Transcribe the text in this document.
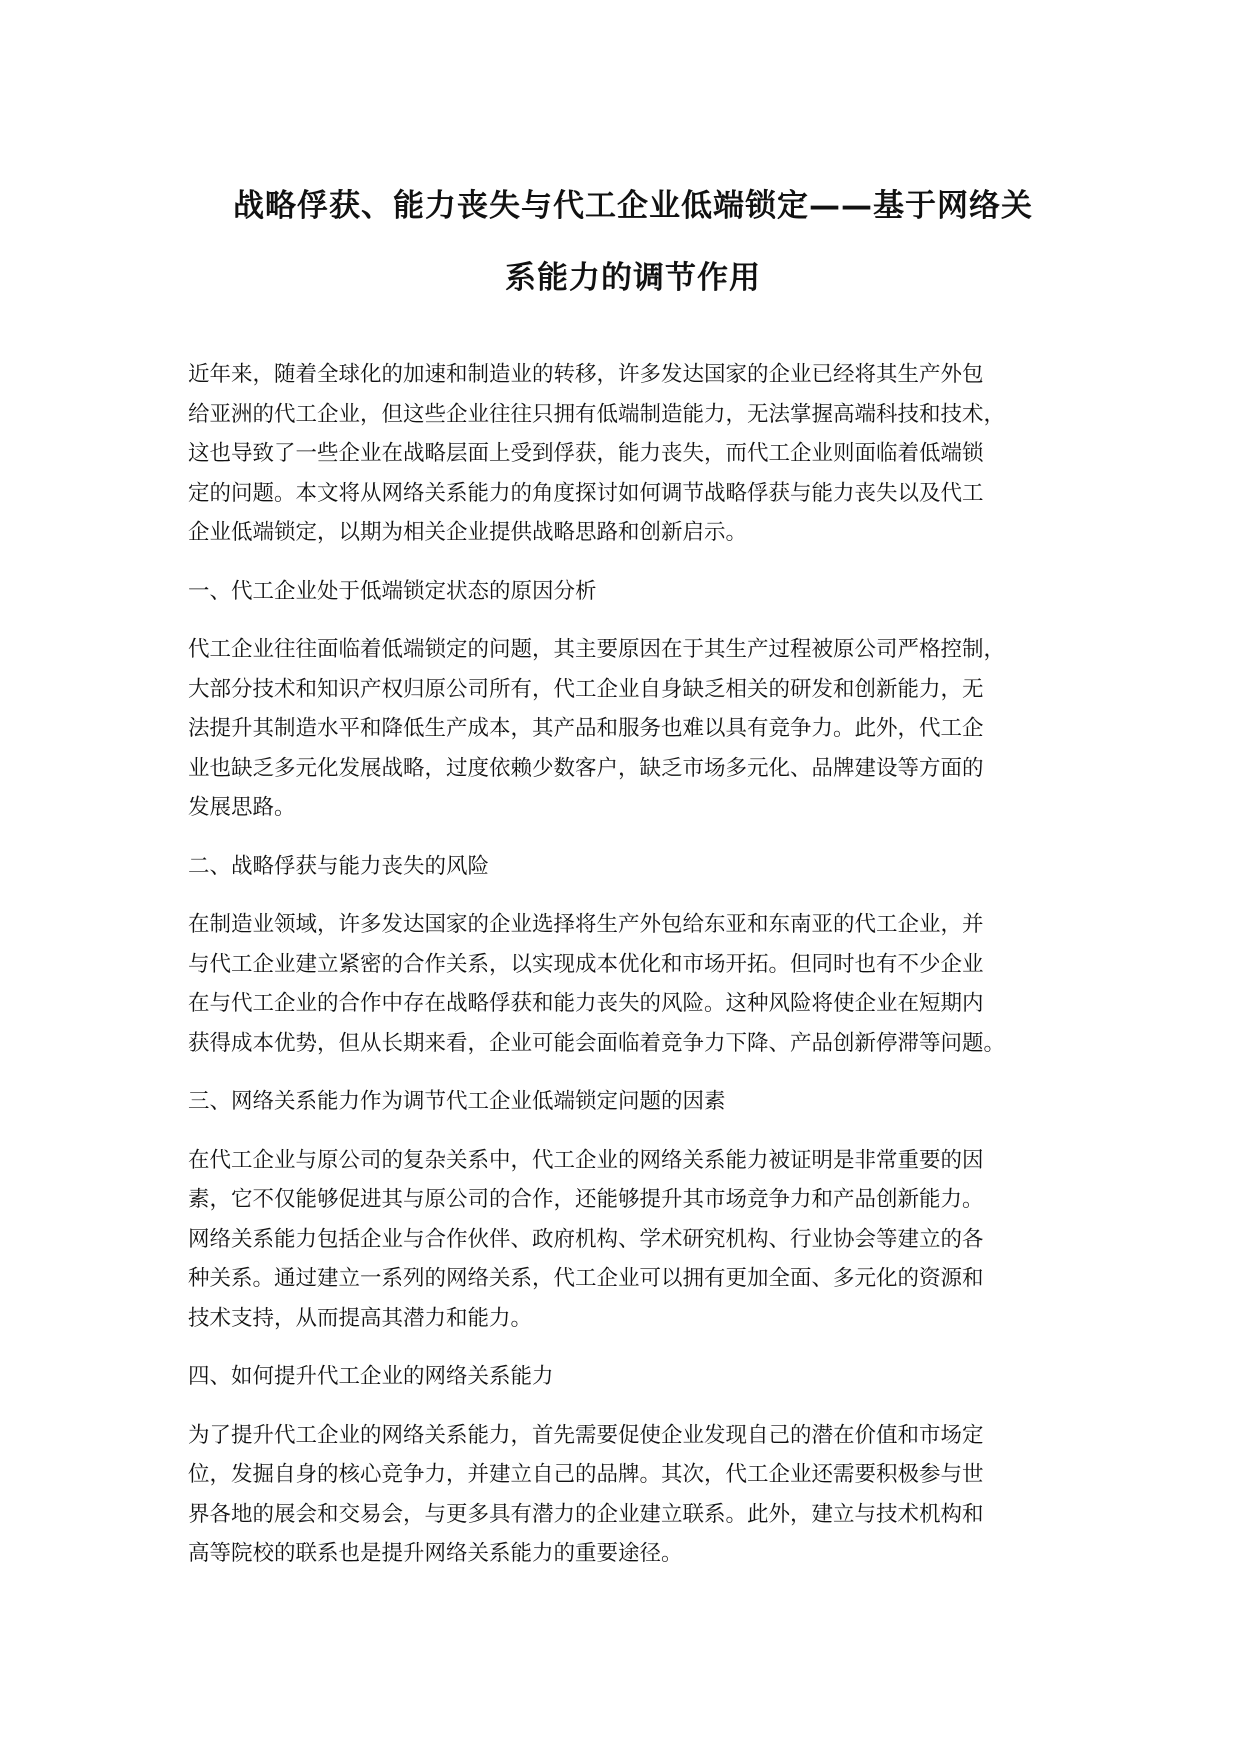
战略俘获、能力丧失与代工企业低端锁定——基于网络关
系能力的调节作用
近年来，随着全球化的加速和制造业的转移，许多发达国家的企业已经将其生产外包
给亚洲的代工企业，但这些企业往往只拥有低端制造能力，无法掌握高端科技和技术，
这也导致了一些企业在战略层面上受到俘获，能力丧失，而代工企业则面临着低端锁
定的问题。本文将从网络关系能力的角度探讨如何调节战略俘获与能力丧失以及代工
企业低端锁定，以期为相关企业提供战略思路和创新启示。
一、代工企业处于低端锁定状态的原因分析
代工企业往往面临着低端锁定的问题，其主要原因在于其生产过程被原公司严格控制，
大部分技术和知识产权归原公司所有，代工企业自身缺乏相关的研发和创新能力，无
法提升其制造水平和降低生产成本，其产品和服务也难以具有竞争力。此外，代工企
业也缺乏多元化发展战略，过度依赖少数客户，缺乏市场多元化、品牌建设等方面的
发展思路。
二、战略俘获与能力丧失的风险
在制造业领域，许多发达国家的企业选择将生产外包给东亚和东南亚的代工企业，并
与代工企业建立紧密的合作关系，以实现成本优化和市场开拓。但同时也有不少企业
在与代工企业的合作中存在战略俘获和能力丧失的风险。这种风险将使企业在短期内
获得成本优势，但从长期来看，企业可能会面临着竞争力下降、产品创新停滞等问题。
三、网络关系能力作为调节代工企业低端锁定问题的因素
在代工企业与原公司的复杂关系中，代工企业的网络关系能力被证明是非常重要的因
素，它不仅能够促进其与原公司的合作，还能够提升其市场竞争力和产品创新能力。
网络关系能力包括企业与合作伙伴、政府机构、学术研究机构、行业协会等建立的各
种关系。通过建立一系列的网络关系，代工企业可以拥有更加全面、多元化的资源和
技术支持，从而提高其潜力和能力。
四、如何提升代工企业的网络关系能力
为了提升代工企业的网络关系能力，首先需要促使企业发现自己的潜在价值和市场定
位，发掘自身的核心竞争力，并建立自己的品牌。其次，代工企业还需要积极参与世
界各地的展会和交易会，与更多具有潜力的企业建立联系。此外，建立与技术机构和
高等院校的联系也是提升网络关系能力的重要途径。
